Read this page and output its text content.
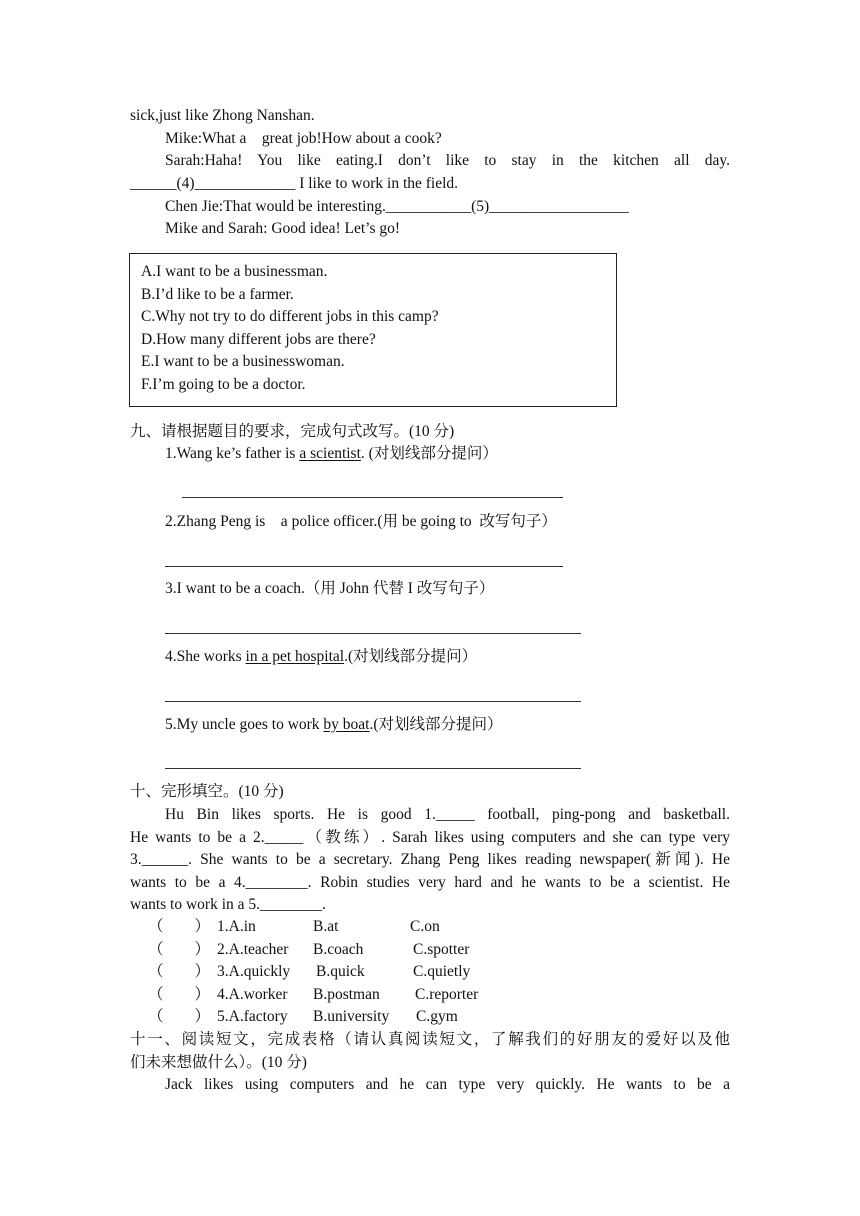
sick,just like Zhong Nanshan.
Mike:What a    great job!How about a cook?
Sarah:Haha! You like eating.I don’t like to stay in the kitchen all day.
______(4)_____________ I like to work in the field.
Chen Jie:That would be interesting.___________(5)__________________
Mike and Sarah: Good idea! Let’s go!
A.I want to be a businessman.
B.I’d like to be a farmer.
C.Why not try to do different jobs in this camp?
D.How many different jobs are there?
E.I want to be a businesswoman.
F.I’m going to be a doctor.
九、请根据题目的要求，完成句式改写。(10 分)
1.Wang ke’s father is a scientist. (对划线部分提问）
2.Zhang Peng is    a police officer.(用 be going to  改写句子）
3.I want to be a coach.（用 John 代替 I 改写句子）
4.She works in a pet hospital.(对划线部分提问）
5.My uncle goes to work by boat.(对划线部分提问）
十、完形填空。(10 分)
Hu Bin likes sports. He is good 1._____ football, ping-pong and basketball.
He wants to be a 2._____（教练）. Sarah likes using computers and she can type very
3.______. She wants to be a secretary. Zhang Peng likes reading newspaper(新闻). He
wants to be a 4.________. Robin studies very hard and he wants to be a scientist. He
wants to work in a 5.________.
（        ） 1.A.in	B.at	C.on
（        ） 2.A.teacher B.coach	C.spotter
（        ） 3.A.quickly B.quick	C.quietly
（        ） 4.A.worker B.postman C.reporter
（        ） 5.A.factory B.university C.gym
十一、阅读短文，完成表格（请认真阅读短文，了解我们的好朋友的爱好以及他
们未来想做什么）。(10 分)
Jack likes using computers and he can type very quickly. He wants to be a
